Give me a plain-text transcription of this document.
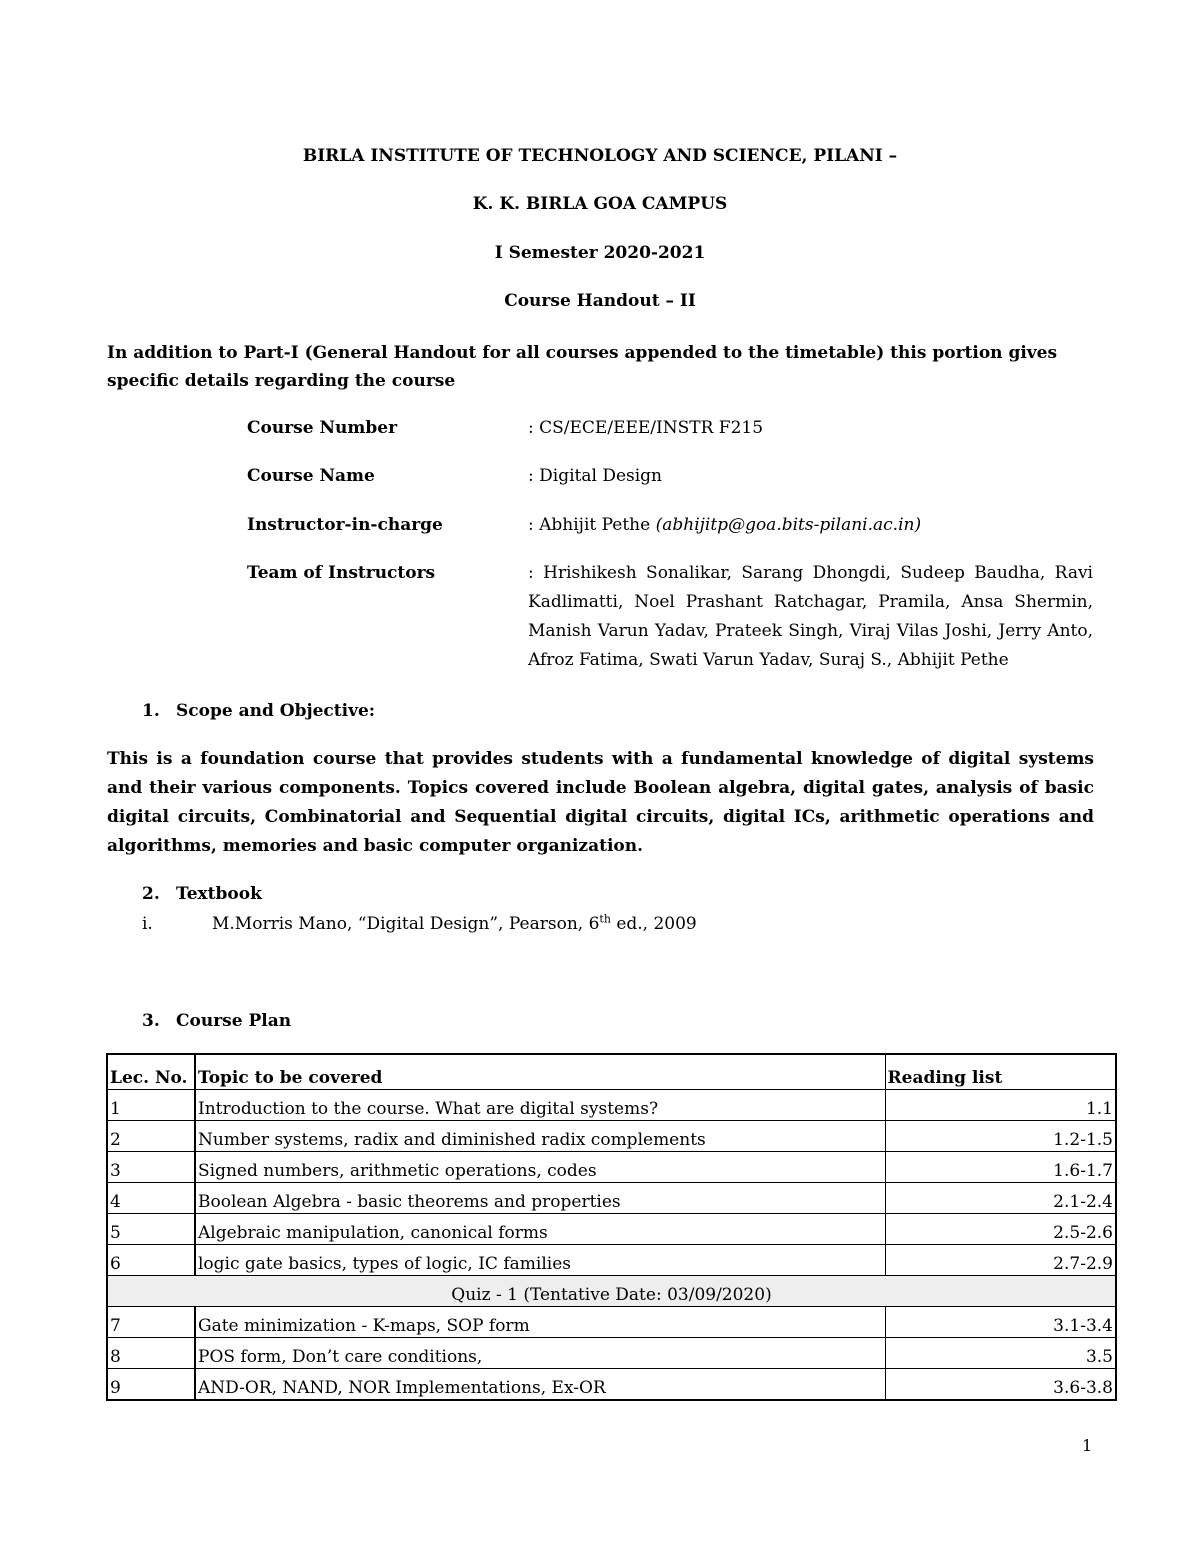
BIRLA INSTITUTE OF TECHNOLOGY AND SCIENCE, PILANI –
K. K. BIRLA GOA CAMPUS
I Semester 2020-2021
Course Handout – II
In addition to Part-I (General Handout for all courses appended to the timetable) this portion gives specific details regarding the course
Course Number	: CS/ECE/EEE/INSTR F215
Course Name	: Digital Design
Instructor-in-charge	: Abhijit Pethe (abhijitp@goa.bits-pilani.ac.in)
Team of Instructors	: Hrishikesh Sonalikar, Sarang Dhongdi, Sudeep Baudha, Ravi Kadlimatti, Noel Prashant Ratchagar, Pramila, Ansa Shermin, Manish Varun Yadav, Prateek Singh, Viraj Vilas Joshi, Jerry Anto, Afroz Fatima, Swati Varun Yadav, Suraj S., Abhijit Pethe
1. Scope and Objective:
This is a foundation course that provides students with a fundamental knowledge of digital systems and their various components. Topics covered include Boolean algebra, digital gates, analysis of basic digital circuits, Combinatorial and Sequential digital circuits, digital ICs, arithmetic operations and algorithms, memories and basic computer organization.
2. Textbook
i.	M.Morris Mano, “Digital Design”, Pearson, 6th ed., 2009
3. Course Plan
Lec. No.	Topic to be covered	Reading list
1	Introduction to the course. What are digital systems?	1.1
2	Number systems, radix and diminished radix complements	1.2-1.5
3	Signed numbers, arithmetic operations, codes	1.6-1.7
4	Boolean Algebra - basic theorems and properties	2.1-2.4
5	Algebraic manipulation, canonical forms	2.5-2.6
6	logic gate basics, types of logic, IC families	2.7-2.9
Quiz - 1 (Tentative Date: 03/09/2020)		
7	Gate minimization - K-maps, SOP form	3.1-3.4
8	POS form, Don’t care conditions,	3.5
9	AND-OR, NAND, NOR Implementations, Ex-OR	3.6-3.8
1
